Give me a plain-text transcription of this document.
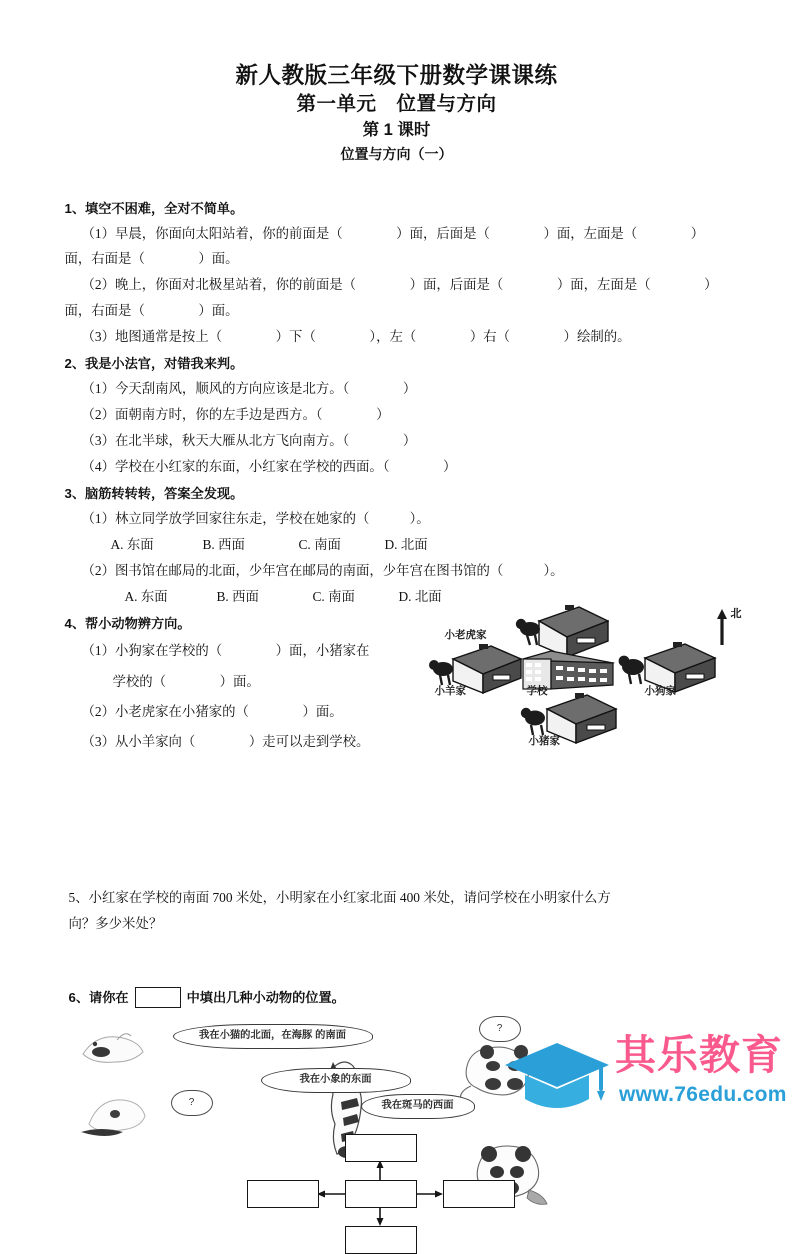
新人教版三年级下册数学课课练
第一单元　位置与方向
第 1 课时
位置与方向（一）
1、填空不困难，全对不简单。
（1）早晨，你面向太阳站着，你的前面是（　　　　）面，后面是（　　　　）面，左面是（　　　　）
面，右面是（　　　　）面。
（2）晚上，你面对北极星站着，你的前面是（　　　　）面，后面是（　　　　）面，左面是（　　　　）
面，右面是（　　　　）面。
（3）地图通常是按上（　　　　）下（　　　　），左（　　　　）右（　　　　）绘制的。
2、我是小法官，对错我来判。
（1）今天刮南风，顺风的方向应该是北方。（　　　　）
（2）面朝南方时，你的左手边是西方。（　　　　）
（3）在北半球，秋天大雁从北方飞向南方。（　　　　）
（4）学校在小红家的东面，小红家在学校的西面。（　　　　）
3、脑筋转转转，答案全发现。
（1）林立同学放学回家往东走，学校在她家的（　　　）。
A. 东面	B. 西面	C. 南面	D. 北面
（2）图书馆在邮局的北面，少年宫在邮局的南面，少年宫在图书馆的（　　　）。
A. 东面	B. 西面	C. 南面	D. 北面
4、帮小动物辨方向。
（1）小狗家在学校的（　　　　）面，小猪家在
学校的（　　　　）面。
（2）小老虎家在小猪家的（　　　　）面。
（3）从小羊家向（　　　　）走可以走到学校。
北
小老虎家
小羊家	学校	小狗家
小猪家
5、小红家在学校的南面 700 米处，小明家在小红家北面 400 米处，请问学校在小明家什么方
向？多少米处？
6、请你在	中填出几种小动物的位置。
?
?
我在小猫的北面，在海豚 的南面
我在小象的东面
我在斑马的西面
其乐教育
www.76edu.com
